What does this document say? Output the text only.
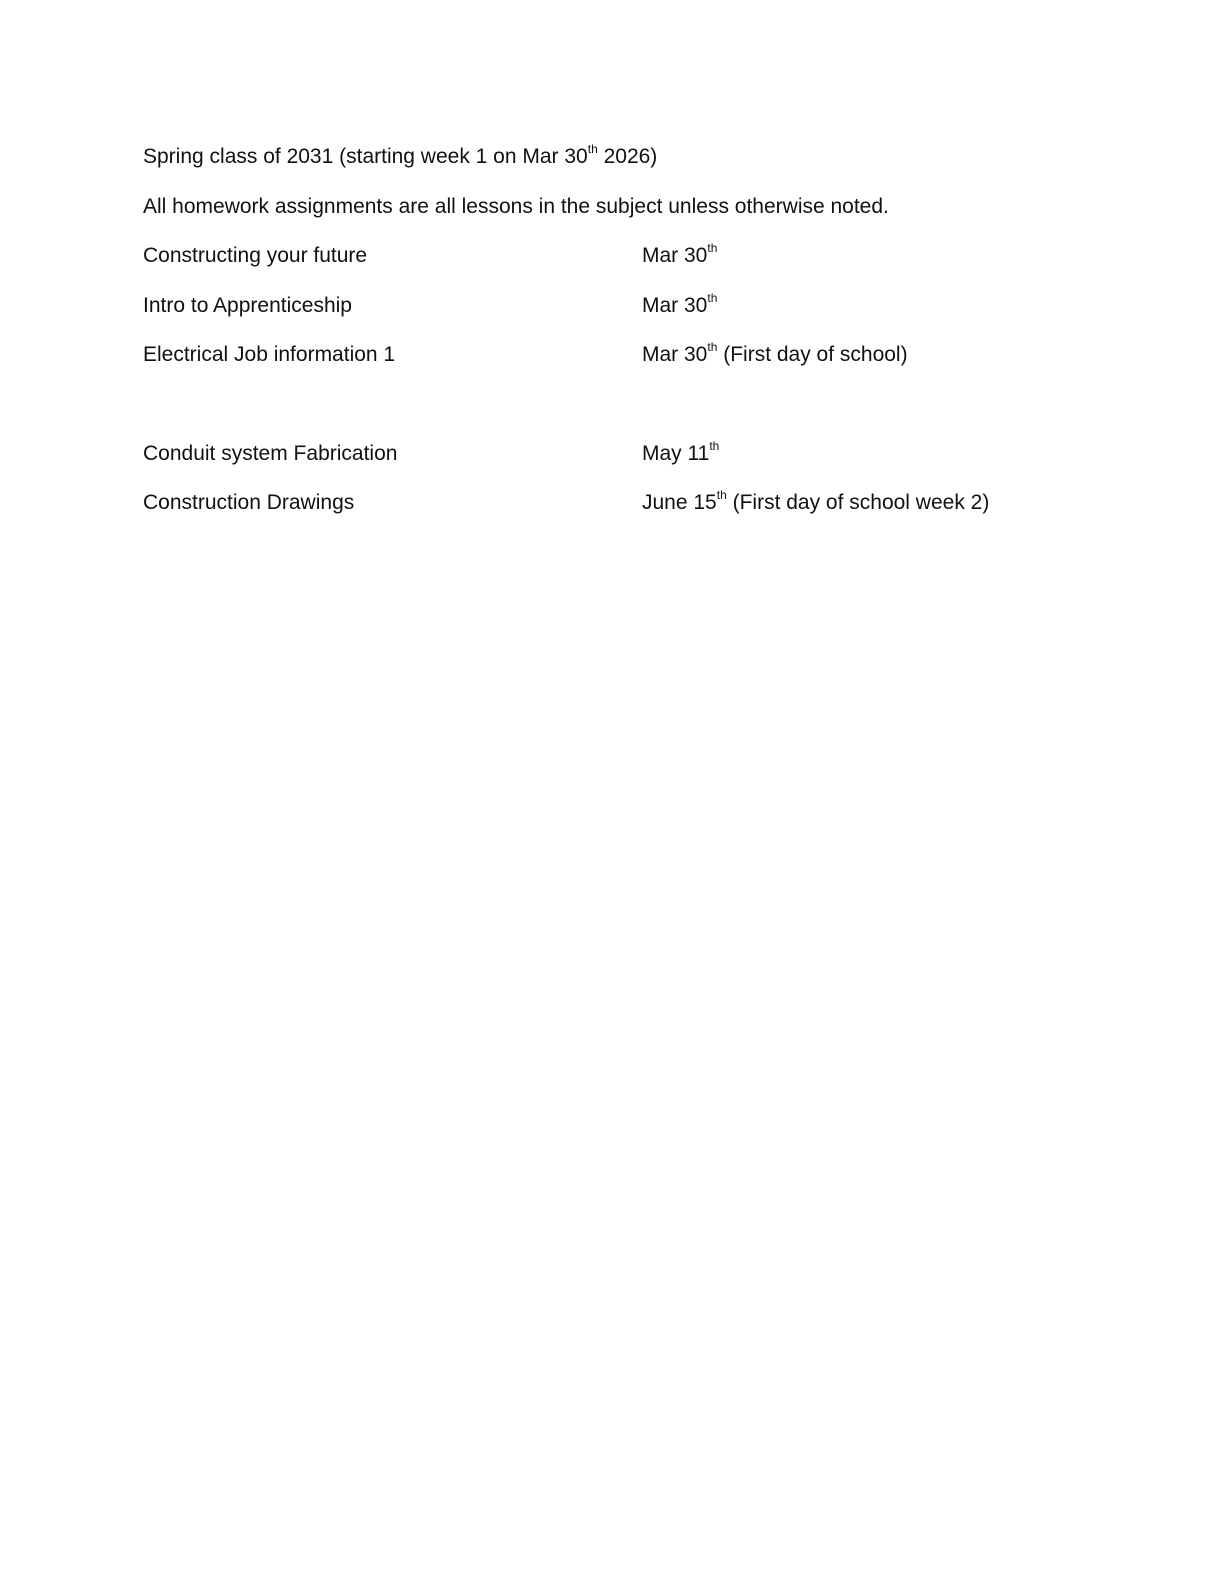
Spring class of 2031 (starting week 1 on Mar 30th 2026)
All homework assignments are all lessons in the subject unless otherwise noted.
Constructing your future	Mar 30th
Intro to Apprenticeship	Mar 30th
Electrical Job information 1	Mar 30th (First day of school)
Conduit system Fabrication	May 11th
Construction Drawings	June 15th (First day of school week 2)
